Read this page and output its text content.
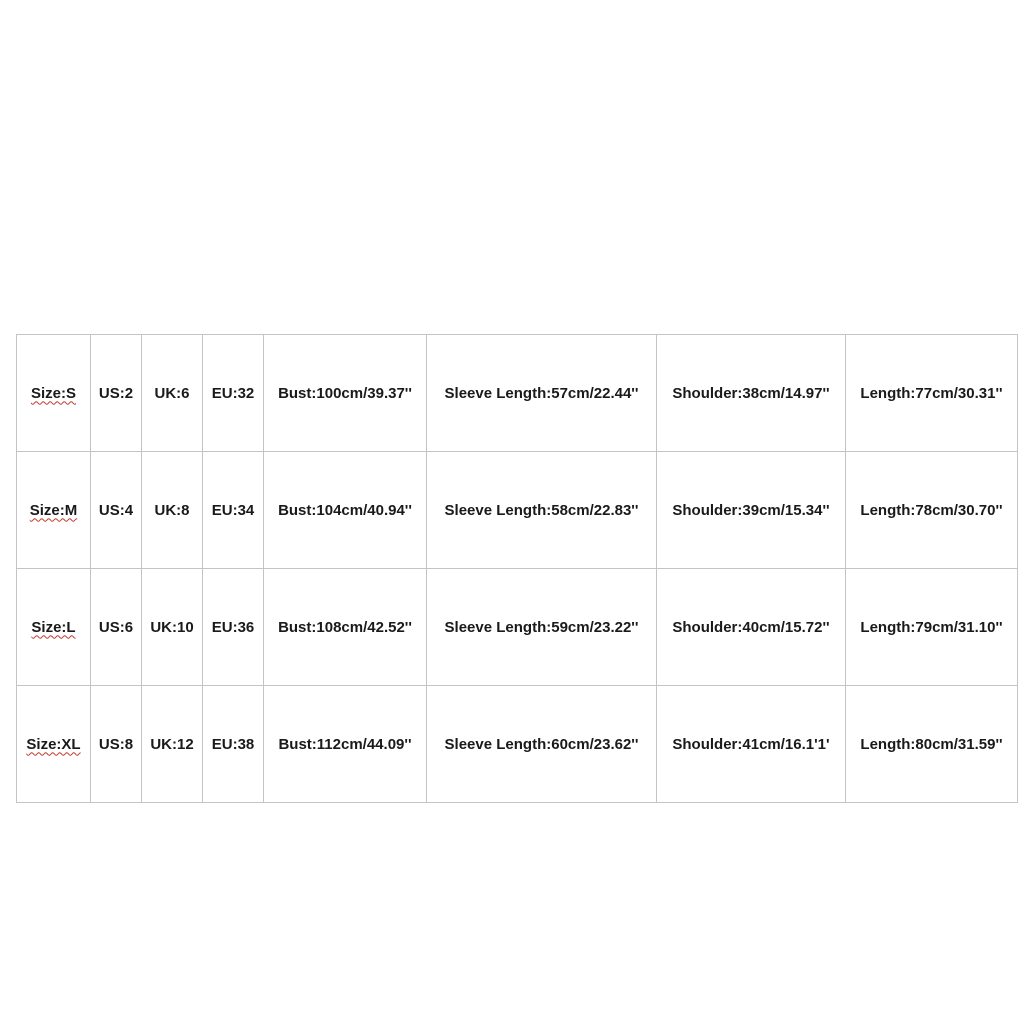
Size:S	US:2	UK:6	EU:32	Bust:100cm/39.37''	Sleeve Length:57cm/22.44''	Shoulder:38cm/14.97''	Length:77cm/30.31''
Size:M	US:4	UK:8	EU:34	Bust:104cm/40.94''	Sleeve Length:58cm/22.83''	Shoulder:39cm/15.34''	Length:78cm/30.70''
Size:L	US:6	UK:10	EU:36	Bust:108cm/42.52''	Sleeve Length:59cm/23.22''	Shoulder:40cm/15.72''	Length:79cm/31.10''
Size:XL	US:8	UK:12	EU:38	Bust:112cm/44.09''	Sleeve Length:60cm/23.62''	Shoulder:41cm/16.1'1'	Length:80cm/31.59''
